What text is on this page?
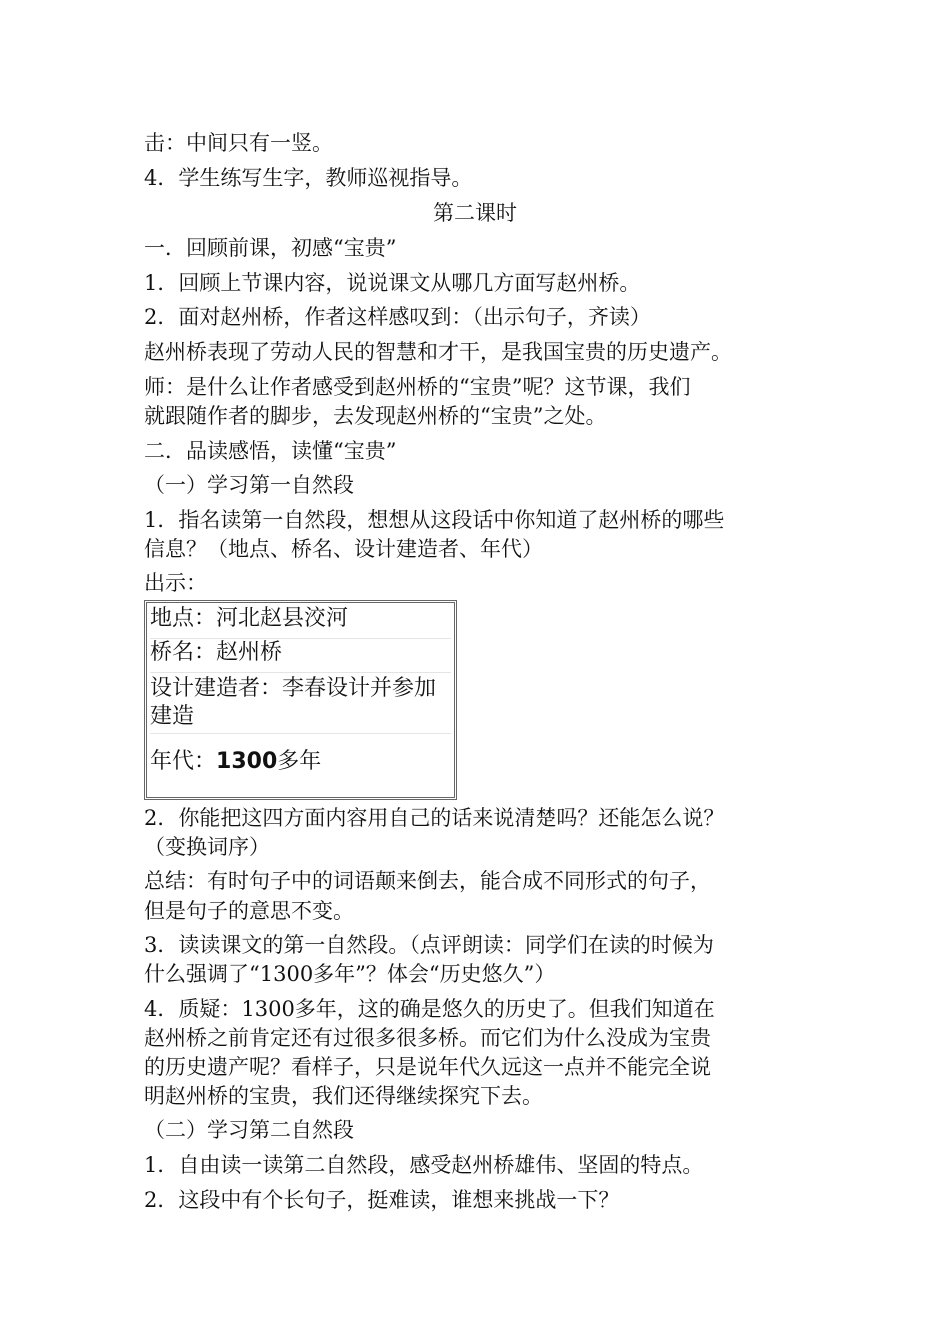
击：中间只有一竖。
4．学生练写生字，教师巡视指导。
第二课时
一．回顾前课，初感“宝贵”
1．回顾上节课内容，说说课文从哪几方面写赵州桥。
2．面对赵州桥，作者这样感叹到：（出示句子，齐读）
赵州桥表现了劳动人民的智慧和才干，是我国宝贵的历史遗产。
师：是什么让作者感受到赵州桥的“宝贵”呢？这节课，我们
就跟随作者的脚步，去发现赵州桥的“宝贵”之处。
二．品读感悟，读懂“宝贵”
（一）学习第一自然段
1．指名读第一自然段，想想从这段话中你知道了赵州桥的哪些
信息？（地点、桥名、设计建造者、年代）
出示：
地点：河北赵县洨河
桥名：赵州桥
设计建造者：李春设计并参加建造
年代：1300多年
2．你能把这四方面内容用自己的话来说清楚吗？还能怎么说？
（变换词序）
总结：有时句子中的词语颠来倒去，能合成不同形式的句子，
但是句子的意思不变。
3．读读课文的第一自然段。（点评朗读：同学们在读的时候为
什么强调了“1300多年”？体会“历史悠久”）
4．质疑：1300多年，这的确是悠久的历史了。但我们知道在
赵州桥之前肯定还有过很多很多桥。而它们为什么没成为宝贵
的历史遗产呢？看样子，只是说年代久远这一点并不能完全说
明赵州桥的宝贵，我们还得继续探究下去。
（二）学习第二自然段
1．自由读一读第二自然段，感受赵州桥雄伟、坚固的特点。
2．这段中有个长句子，挺难读，谁想来挑战一下？
